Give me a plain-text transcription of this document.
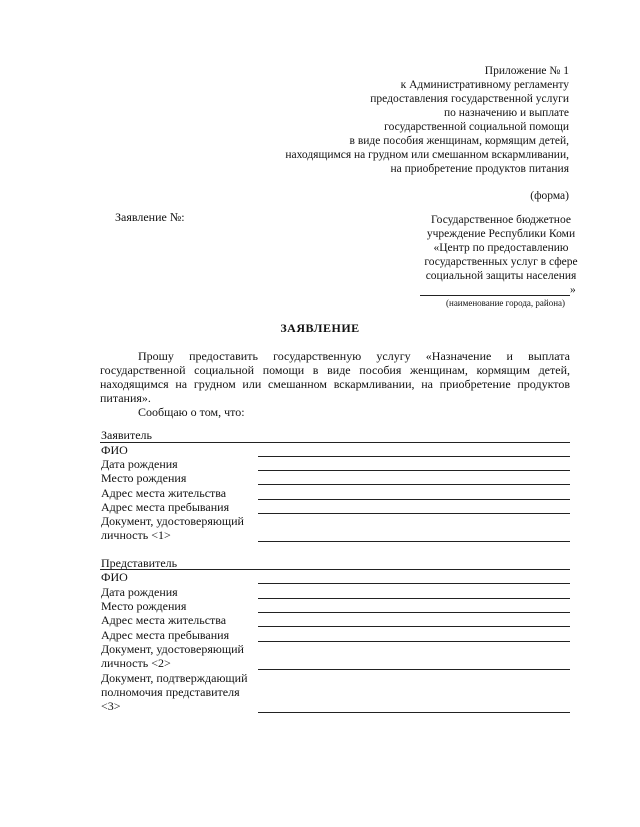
Приложение № 1
к Административному регламенту
предоставления государственной услуги
по назначению и выплате
государственной социальной помощи
в виде пособия женщинам, кормящим детей,
находящимся на грудном или смешанном вскармливании,
на приобретение продуктов питания
(форма)
Заявление №:	Государственное бюджетное
учреждение Республики Коми
«Центр по предоставлению
государственных услуг в сфере
социальной защиты населения
»
(наименование города, района)
ЗАЯВЛЕНИЕ
Прошу предоставить государственную услугу «Назначение и выплата
государственной социальной помощи в виде пособия женщинам, кормящим детей,
находящимся на грудном или смешанном вскармливании, на приобретение продуктов
питания».
Сообщаю о том, что:
Заявитель
ФИО
Дата рождения
Место рождения
Адрес места жительства
Адрес места пребывания
Документ, удостоверяющий
личность <1>
Представитель
ФИО
Дата рождения
Место рождения
Адрес места жительства
Адрес места пребывания
Документ, удостоверяющий
личность <2>
Документ, подтверждающий
полномочия представителя
<3>
